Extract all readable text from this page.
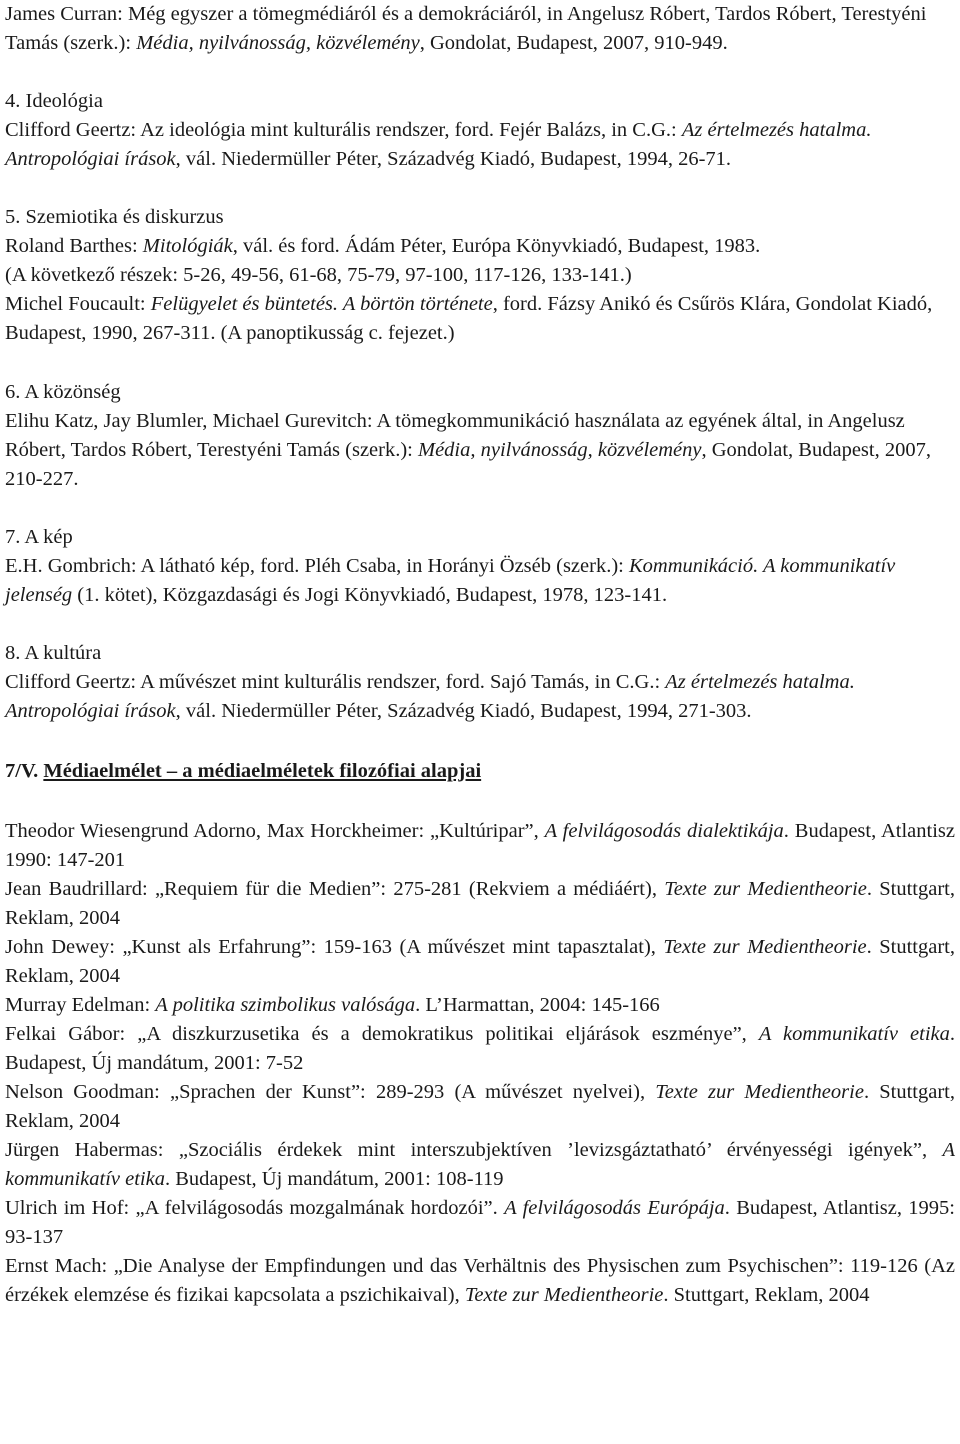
James Curran: Még egyszer a tömegmédiáról és a demokráciáról, in Angelusz Róbert, Tardos Róbert, Terestyéni Tamás (szerk.): Média, nyilvánosság, közvélemény, Gondolat, Budapest, 2007, 910-949.

4. Ideológia

Clifford Geertz: Az ideológia mint kulturális rendszer, ford. Fejér Balázs, in C.G.: Az értelmezés hatalma. Antropológiai írások, vál. Niedermüller Péter, Századvég Kiadó, Budapest, 1994, 26-71.

5. Szemiotika és diskurzus

Roland Barthes: Mitológiák, vál. és ford. Ádám Péter, Európa Könyvkiadó, Budapest, 1983.

(A következő részek: 5-26, 49-56, 61-68, 75-79, 97-100, 117-126, 133-141.)

Michel Foucault: Felügyelet és büntetés. A börtön története, ford. Fázsy Anikó és Csűrös Klára, Gondolat Kiadó, Budapest, 1990, 267-311. (A panoptikusság c. fejezet.)

6. A közönség

Elihu Katz, Jay Blumler, Michael Gurevitch: A tömegkommunikáció használata az egyének által, in Angelusz Róbert, Tardos Róbert, Terestyéni Tamás (szerk.): Média, nyilvánosság, közvélemény, Gondolat, Budapest, 2007, 210-227.

7. A kép

E.H. Gombrich: A látható kép, ford. Pléh Csaba, in Horányi Özséb (szerk.): Kommunikáció. A kommunikatív jelenség (1. kötet), Közgazdasági és Jogi Könyvkiadó, Budapest, 1978, 123-141.

8. A kultúra

Clifford Geertz: A művészet mint kulturális rendszer, ford. Sajó Tamás, in C.G.: Az értelmezés hatalma. Antropológiai írások, vál. Niedermüller Péter, Századvég Kiadó, Budapest, 1994, 271-303.

7/V. Médiaelmélet – a médiaelméletek filozófiai alapjai

Theodor Wiesengrund Adorno, Max Horckheimer: „Kultúripar”, A felvilágosodás dialektikája. Budapest, Atlantisz 1990: 147-201

Jean Baudrillard: „Requiem für die Medien”: 275-281 (Rekviem a médiáért), Texte zur Medientheorie. Stuttgart, Reklam, 2004

John Dewey: „Kunst als Erfahrung”: 159-163 (A művészet mint tapasztalat), Texte zur Medientheorie. Stuttgart, Reklam, 2004

Murray Edelman: A politika szimbolikus valósága. L’Harmattan, 2004: 145-166

Felkai Gábor: „A diszkurzusetika és a demokratikus politikai eljárások eszménye”, A kommunikatív etika. Budapest, Új mandátum, 2001: 7-52

Nelson Goodman: „Sprachen der Kunst”: 289-293 (A művészet nyelvei), Texte zur Medientheorie. Stuttgart, Reklam, 2004

Jürgen Habermas: „Szociális érdekek mint interszubjektíven ’levizsgáztatható’ érvényességi igények”, A kommunikatív etika. Budapest, Új mandátum, 2001: 108-119

Ulrich im Hof: „A felvilágosodás mozgalmának hordozói”. A felvilágosodás Európája. Budapest, Atlantisz, 1995: 93-137

Ernst Mach: „Die Analyse der Empfindungen und das Verhältnis des Physischen zum Psychischen”: 119-126 (Az érzékek elemzése és fizikai kapcsolata a pszichikaival), Texte zur Medientheorie. Stuttgart, Reklam, 2004
